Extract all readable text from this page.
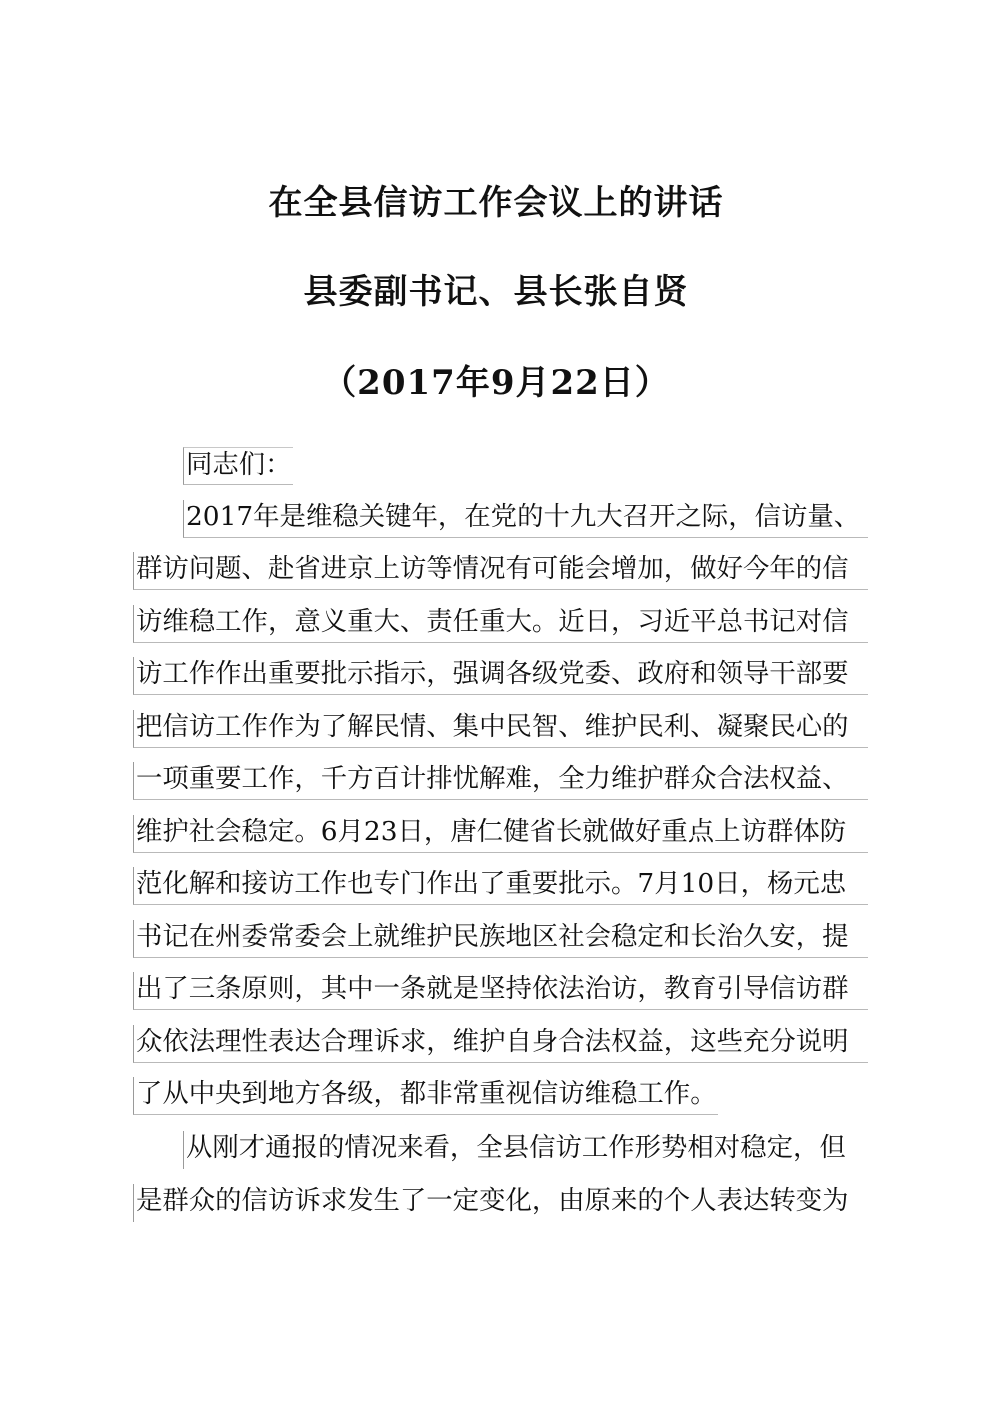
在全县信访工作会议上的讲话
县委副书记、县长张自贤
（2017年9月22日）
同志们：
2017年是维稳关键年，在党的十九大召开之际，信访量、
群访问题、赴省进京上访等情况有可能会增加，做好今年的信
访维稳工作，意义重大、责任重大。近日，习近平总书记对信
访工作作出重要批示指示，强调各级党委、政府和领导干部要
把信访工作作为了解民情、集中民智、维护民利、凝聚民心的
一项重要工作，千方百计排忧解难，全力维护群众合法权益、
维护社会稳定。6月23日，唐仁健省长就做好重点上访群体防
范化解和接访工作也专门作出了重要批示。7月10日，杨元忠
书记在州委常委会上就维护民族地区社会稳定和长治久安，提
出了三条原则，其中一条就是坚持依法治访，教育引导信访群
众依法理性表达合理诉求，维护自身合法权益，这些充分说明
了从中央到地方各级，都非常重视信访维稳工作。
从刚才通报的情况来看，全县信访工作形势相对稳定，但
是群众的信访诉求发生了一定变化，由原来的个人表达转变为
